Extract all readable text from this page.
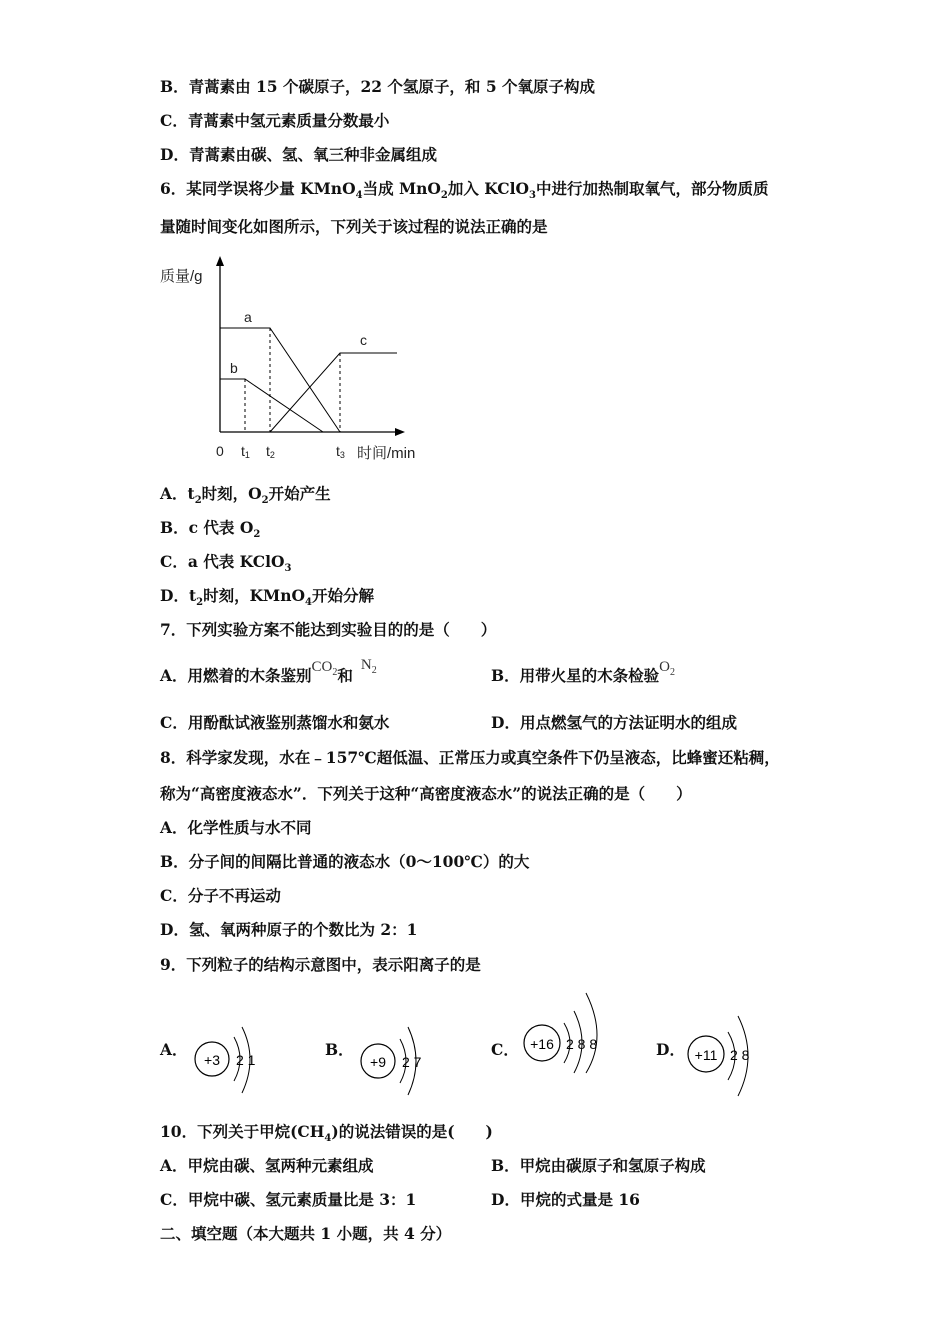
B．青蒿素由 15 个碳原子，22 个氢原子，和 5 个氧原子构成
C．青蒿素中氢元素质量分数最小
D．青蒿素由碳、氢、氧三种非金属组成
6．某同学误将少量 KMnO$_4$当成 MnO$_2$加入 KClO$_3$中进行加热制取氧气，部分物质质
量随时间变化如图所示，下列关于该过程的说法正确的是
质量/g
时间/min
a
b
c
0 t1 t2	t3
A．$t_2$时刻，$O_2$开始产生
B．c 代表 $O_2$
C．a 代表 KClO$_3$
D．$t_2$时刻，KMnO$_4$开始分解
7．下列实验方案不能达到实验目的的是（　　）
A．用燃着的木条鉴别$CO_2$和$N_2$	B．用带火星的木条检验$O_2$
C．用酚酞试液鉴别蒸馏水和氨水	D．用点燃氢气的方法证明水的组成
8．科学家发现，水在﹣157℃超低温、正常压力或真空条件下仍呈液态，比蜂蜜还粘稠，
称为“高密度液态水”．下列关于这种“高密度液态水”的说法正确的是（　　）
A．化学性质与水不同
B．分子间的间隔比普通的液态水（0～100℃）的大
C．分子不再运动
D．氢、氧两种原子的个数比为 2：1
9．下列粒子的结构示意图中，表示阳离子的是
A．
+3 2 1
B．
+9 2 7
C． +16 2 8 8	D． +11 2 8
10．下列关于甲烷$(CH_4)$的说法错误的是(　　)
A．甲烷由碳、氢两种元素组成	B．甲烷由碳原子和氢原子构成
C．甲烷中碳、氢元素质量比是 3：1	D．甲烷的式量是 16
二、填空题（本大题共 1 小题，共 4 分）
